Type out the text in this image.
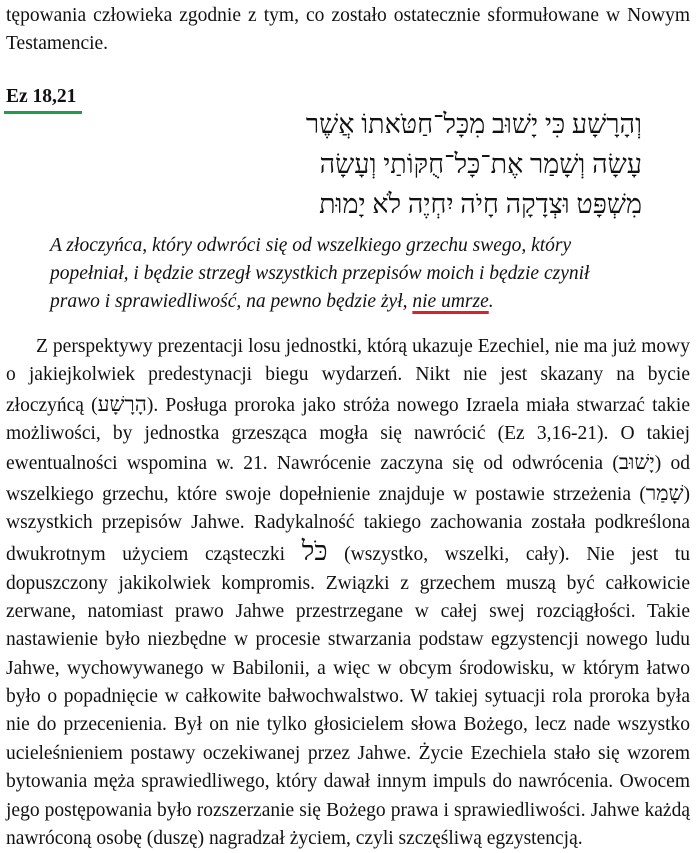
tępowania człowieka zgodnie z tym, co zostało ostatecznie sformułowane w Nowym Testamencie.
Ez 18,21
וְהָרָשָׁע כִּי יָשׁוּב מִכָּל־חַטֹּאתוֹ אֲשֶׁר
עָשָׂה וְשָׁמַר אֶת־כָּל־חֻקּוֹתַי וְעָשָׂה
מִשְׁפָּט וּצְדָקָה חָיֹה יִחְיֶה לֹא יָמוּת
A złoczyńca, który odwróci się od wszelkiego grzechu swego, który
popełniał, i będzie strzegł wszystkich przepisów moich i będzie czynił
prawo i sprawiedliwość, na pewno będzie żył, nie umrze.

Z perspektywy prezentacji losu jednostki, którą ukazuje Ezechiel, nie ma już mowy o jakiejkolwiek predestynacji biegu wydarzeń. Nikt nie jest skazany na bycie złoczyńcą (הָרָשָׁע). Posługa proroka jako stróża nowego Izraela miała stwarzać takie możliwości, by jednostka grzesząca mogła się nawrócić (Ez 3,16-21). O takiej ewentualności wspomina w. 21. Nawrócenie zaczyna się od odwrócenia (יָשׁוּב) od wszelkiego grzechu, które swoje dopełnienie znajduje w postawie strzeżenia (שָׁמַר) wszystkich przepisów Jahwe. Radykalność takiego zachowania została podkreślona dwukrotnym użyciem cząsteczki כֹּל (wszystko, wszelki, cały). Nie jest tu dopuszczony jakikolwiek kompromis. Związki z grzechem muszą być całkowicie zerwane, natomiast prawo Jahwe przestrzegane w całej swej rozciągłości. Takie nastawienie było niezbędne w procesie stwarzania podstaw egzystencji nowego ludu Jahwe, wychowywanego w Babilonii, a więc w obcym środowisku, w którym łatwo było o popadnięcie w całkowite bałwochwalstwo. W takiej sytuacji rola proroka była nie do przecenienia. Był on nie tylko głosicielem słowa Bożego, lecz nade wszystko ucieleśnieniem postawy oczekiwanej przez Jahwe. Życie Ezechiela stało się wzorem bytowania męża sprawiedliwego, który dawał innym impuls do nawrócenia. Owocem jego postępowania było rozszerzanie się Bożego prawa i sprawiedliwości. Jahwe każdą nawróconą osobę (duszę) nagradzał życiem, czyli szczęśliwą egzystencją.
